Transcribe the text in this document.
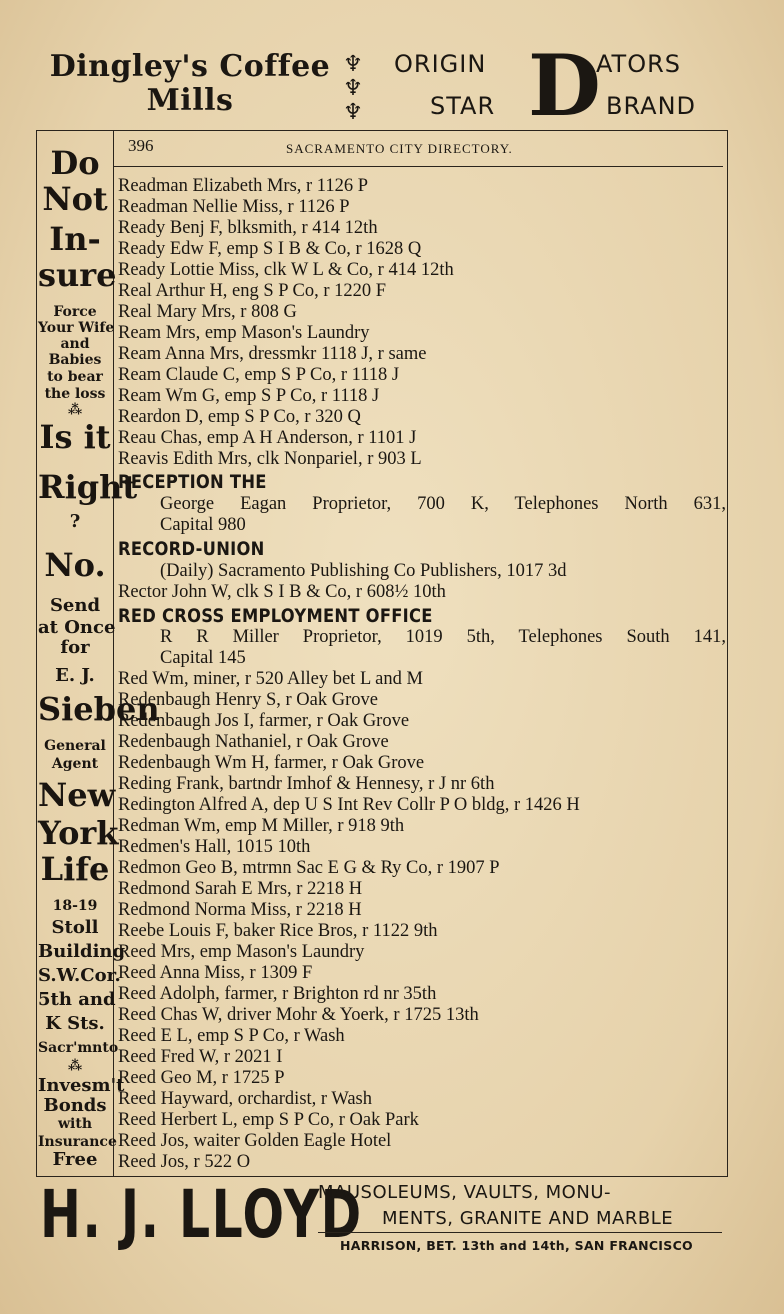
Dingley's Coffee
Mills
♆
♆
♆
ORIGIN
STAR D
ATORS
BRAND
396	SACRAMENTO CITY DIRECTORY.
Do
Not
In-
sure
Force
Your Wife
and
Babies
to bear
the loss
⁂
Is it
Right
?
No.
Send
at Once
for
E. J.
Sieben
General
Agent
New
York
Life
18-19
Stoll
Building
S.W.Cor.
5th and
K Sts.
Sacr'mnto
⁂
Invesm't
Bonds
with
Insurance
Free
Readman Elizabeth Mrs, r 1126 P
Readman Nellie Miss, r 1126 P
Ready Benj F, blksmith, r 414 12th
Ready Edw F, emp S I B & Co, r 1628 Q
Ready Lottie Miss, clk W L & Co, r 414 12th
Real Arthur H, eng S P Co, r 1220 F
Real Mary Mrs, r 808 G
Ream Mrs, emp Mason's Laundry
Ream Anna Mrs, dressmkr 1118 J, r same
Ream Claude C, emp S P Co, r 1118 J
Ream Wm G, emp S P Co, r 1118 J
Reardon D, emp S P Co, r 320 Q
Reau Chas, emp A H Anderson, r 1101 J
Reavis Edith Mrs, clk Nonpariel, r 903 L
RECEPTION THE
George Eagan Proprietor, 700 K, Telephones North 631,
Capital 980
RECORD-UNION
(Daily) Sacramento Publishing Co Publishers, 1017 3d
Rector John W, clk S I B & Co, r 608½ 10th
RED CROSS EMPLOYMENT OFFICE
R R Miller Proprietor, 1019 5th, Telephones South 141,
Capital 145
Red Wm, miner, r 520 Alley bet L and M
Redenbaugh Henry S, r Oak Grove
Redenbaugh Jos I, farmer, r Oak Grove
Redenbaugh Nathaniel, r Oak Grove
Redenbaugh Wm H, farmer, r Oak Grove
Reding Frank, bartndr Imhof & Hennesy, r J nr 6th
Redington Alfred A, dep U S Int Rev Collr P O bldg, r 1426 H
Redman Wm, emp M Miller, r 918 9th
Redmen's Hall, 1015 10th
Redmon Geo B, mtrmn Sac E G & Ry Co, r 1907 P
Redmond Sarah E Mrs, r 2218 H
Redmond Norma Miss, r 2218 H
Reebe Louis F, baker Rice Bros, r 1122 9th
Reed Mrs, emp Mason's Laundry
Reed Anna Miss, r 1309 F
Reed Adolph, farmer, r Brighton rd nr 35th
Reed Chas W, driver Mohr & Yoerk, r 1725 13th
Reed E L, emp S P Co, r Wash
Reed Fred W, r 2021 I
Reed Geo M, r 1725 P
Reed Hayward, orchardist, r Wash
Reed Herbert L, emp S P Co, r Oak Park
Reed Jos, waiter Golden Eagle Hotel
Reed Jos, r 522 O
H. J. LLOYD
MAUSOLEUMS, VAULTS, MONU-
MENTS, GRANITE AND MARBLE
HARRISON, BET. 13th and 14th, SAN FRANCISCO
